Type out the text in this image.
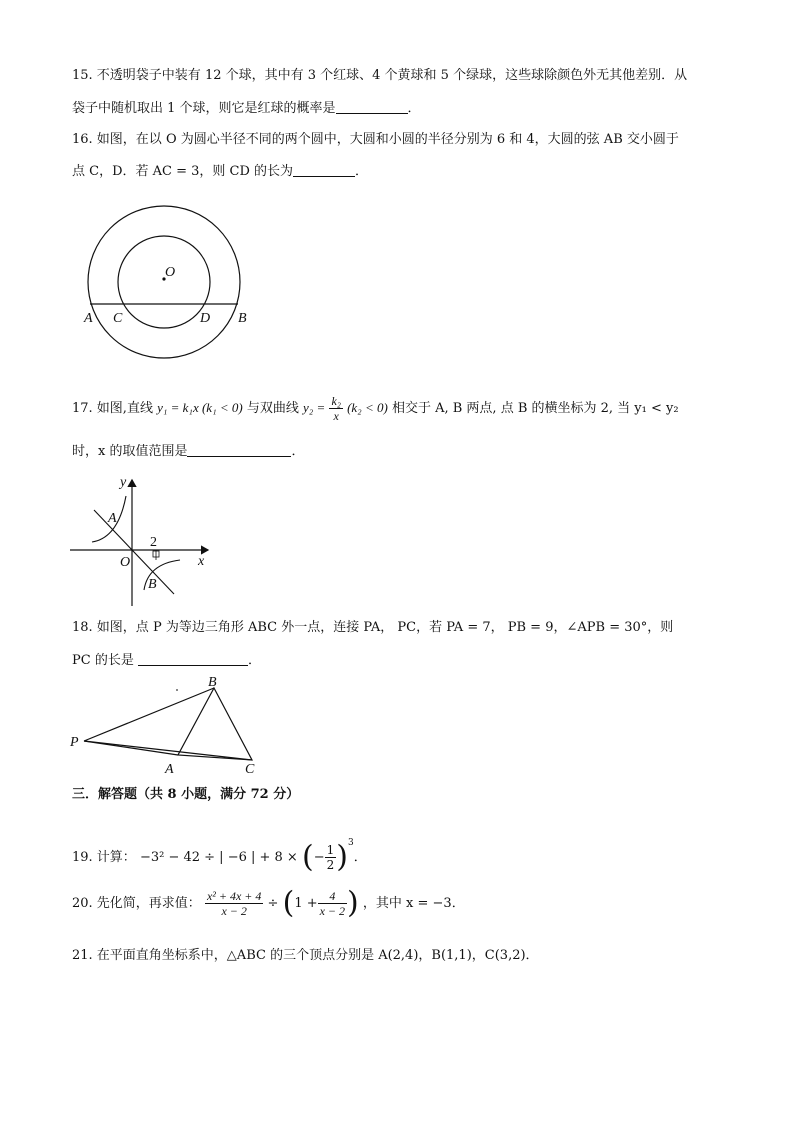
15. 不透明袋子中装有 12 个球，其中有 3 个红球、4 个黄球和 5 个绿球，这些球除颜色外无其他差别．从
袋子中随机取出 1 个球，则它是红球的概率是	．
16. 如图，在以 O 为圆心半径不同的两个圆中，大圆和小圆的半径分别为 6 和 4，大圆的弦 AB 交小圆于
点 C，D．若 AC = 3，则 CD 的长为	．
O
A C	D B
17. 如图,直线 y₁ = k₁x (k₁ < 0) 与双曲线 $y_2 = \frac{\text{k₂}}{x} (k_2 < 0)$ 相交于 A, B 两点, 点 B 的横坐标为 2, 当 y₁ < y₂
时，x 的取值范围是	．
y
x
O
A
B
2
18. 如图，点 P 为等边三角形 ABC 外一点，连接 PA， PC，若 PA = 7， PB = 9，∠APB = 30°，则
PC 的长是	．
P
B
A	C
三．解答题（共 8 小题，满分 72 分）
19. 计算： −3² − 42 ÷ | −6 | + 8 × (− $\frac{1}{2} )^3$．
20. 先化简，再求值： $\frac{\text{x² + 4x + 4}}{x - 2} \div (1 + \frac{4}{x - 2}$ ) ，其中 x = −3．
21. 在平面直角坐标系中，△ABC 的三个顶点分别是 A(2,4)，B(1,1)，C(3,2)．
